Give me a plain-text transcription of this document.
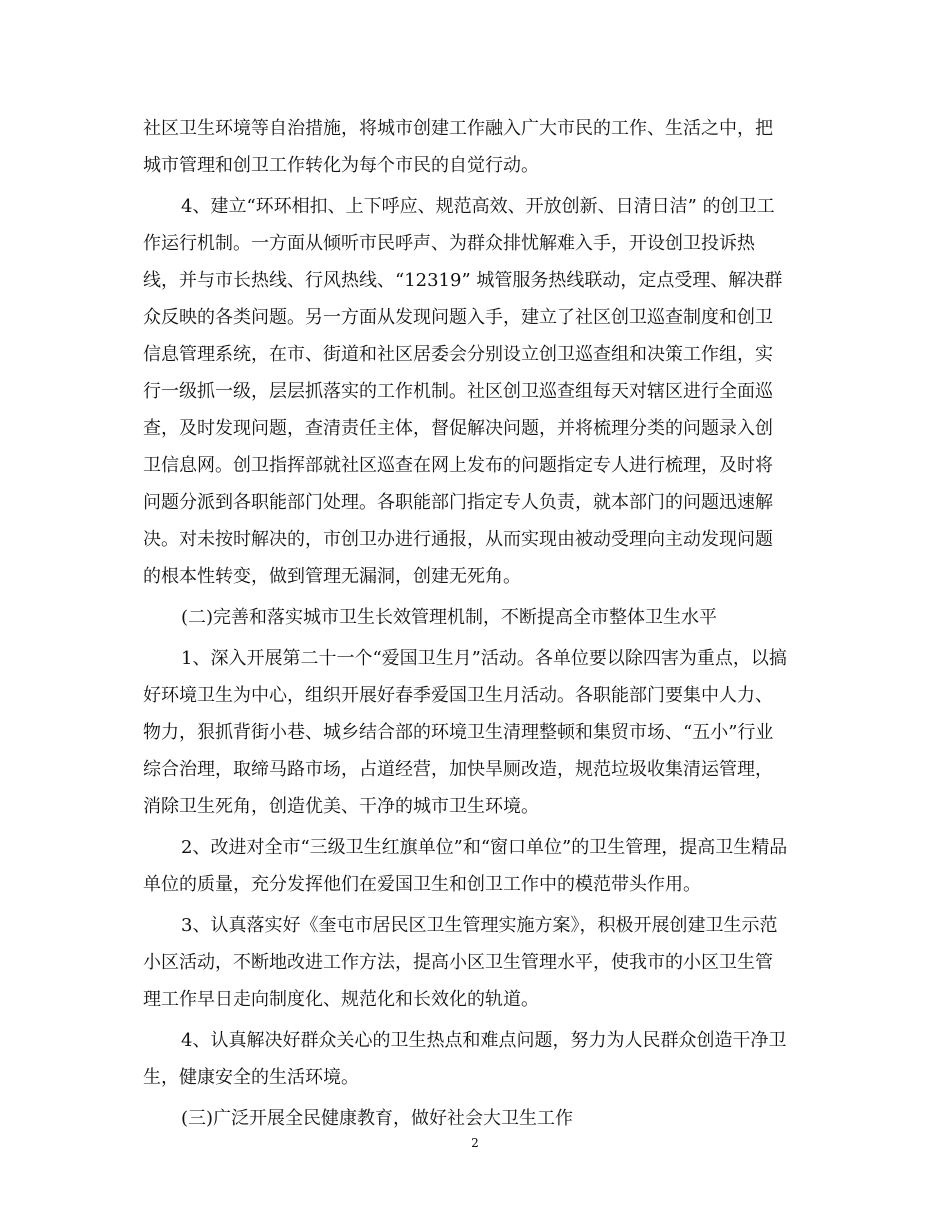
社区卫生环境等自治措施，将城市创建工作融入广大市民的工作、生活之中，把
城市管理和创卫工作转化为每个市民的自觉行动。
4、建立“环环相扣、上下呼应、规范高效、开放创新、日清日洁” 的创卫工
作运行机制。一方面从倾听市民呼声、为群众排忧解难入手，开设创卫投诉热
线，并与市长热线、行风热线、“12319” 城管服务热线联动，定点受理、解决群
众反映的各类问题。另一方面从发现问题入手，建立了社区创卫巡查制度和创卫
信息管理系统，在市、街道和社区居委会分别设立创卫巡查组和决策工作组，实
行一级抓一级，层层抓落实的工作机制。社区创卫巡查组每天对辖区进行全面巡
查，及时发现问题，查清责任主体，督促解决问题，并将梳理分类的问题录入创
卫信息网。创卫指挥部就社区巡查在网上发布的问题指定专人进行梳理，及时将
问题分派到各职能部门处理。各职能部门指定专人负责，就本部门的问题迅速解
决。对未按时解决的，市创卫办进行通报，从而实现由被动受理向主动发现问题
的根本性转变，做到管理无漏洞，创建无死角。
(二)完善和落实城市卫生长效管理机制，不断提高全市整体卫生水平
1、深入开展第二十一个“爱国卫生月”活动。各单位要以除四害为重点，以搞
好环境卫生为中心，组织开展好春季爱国卫生月活动。各职能部门要集中人力、
物力，狠抓背街小巷、城乡结合部的环境卫生清理整顿和集贸市场、“五小”行业
综合治理，取缔马路市场，占道经营，加快旱厕改造，规范垃圾收集清运管理，
消除卫生死角，创造优美、干净的城市卫生环境。
2、改进对全市“三级卫生红旗单位”和“窗口单位”的卫生管理，提高卫生精品
单位的质量，充分发挥他们在爱国卫生和创卫工作中的模范带头作用。
3、认真落实好《奎屯市居民区卫生管理实施方案》，积极开展创建卫生示范
小区活动，不断地改进工作方法，提高小区卫生管理水平，使我市的小区卫生管
理工作早日走向制度化、规范化和长效化的轨道。
4、认真解决好群众关心的卫生热点和难点问题，努力为人民群众创造干净卫
生，健康安全的生活环境。
(三)广泛开展全民健康教育，做好社会大卫生工作
2
